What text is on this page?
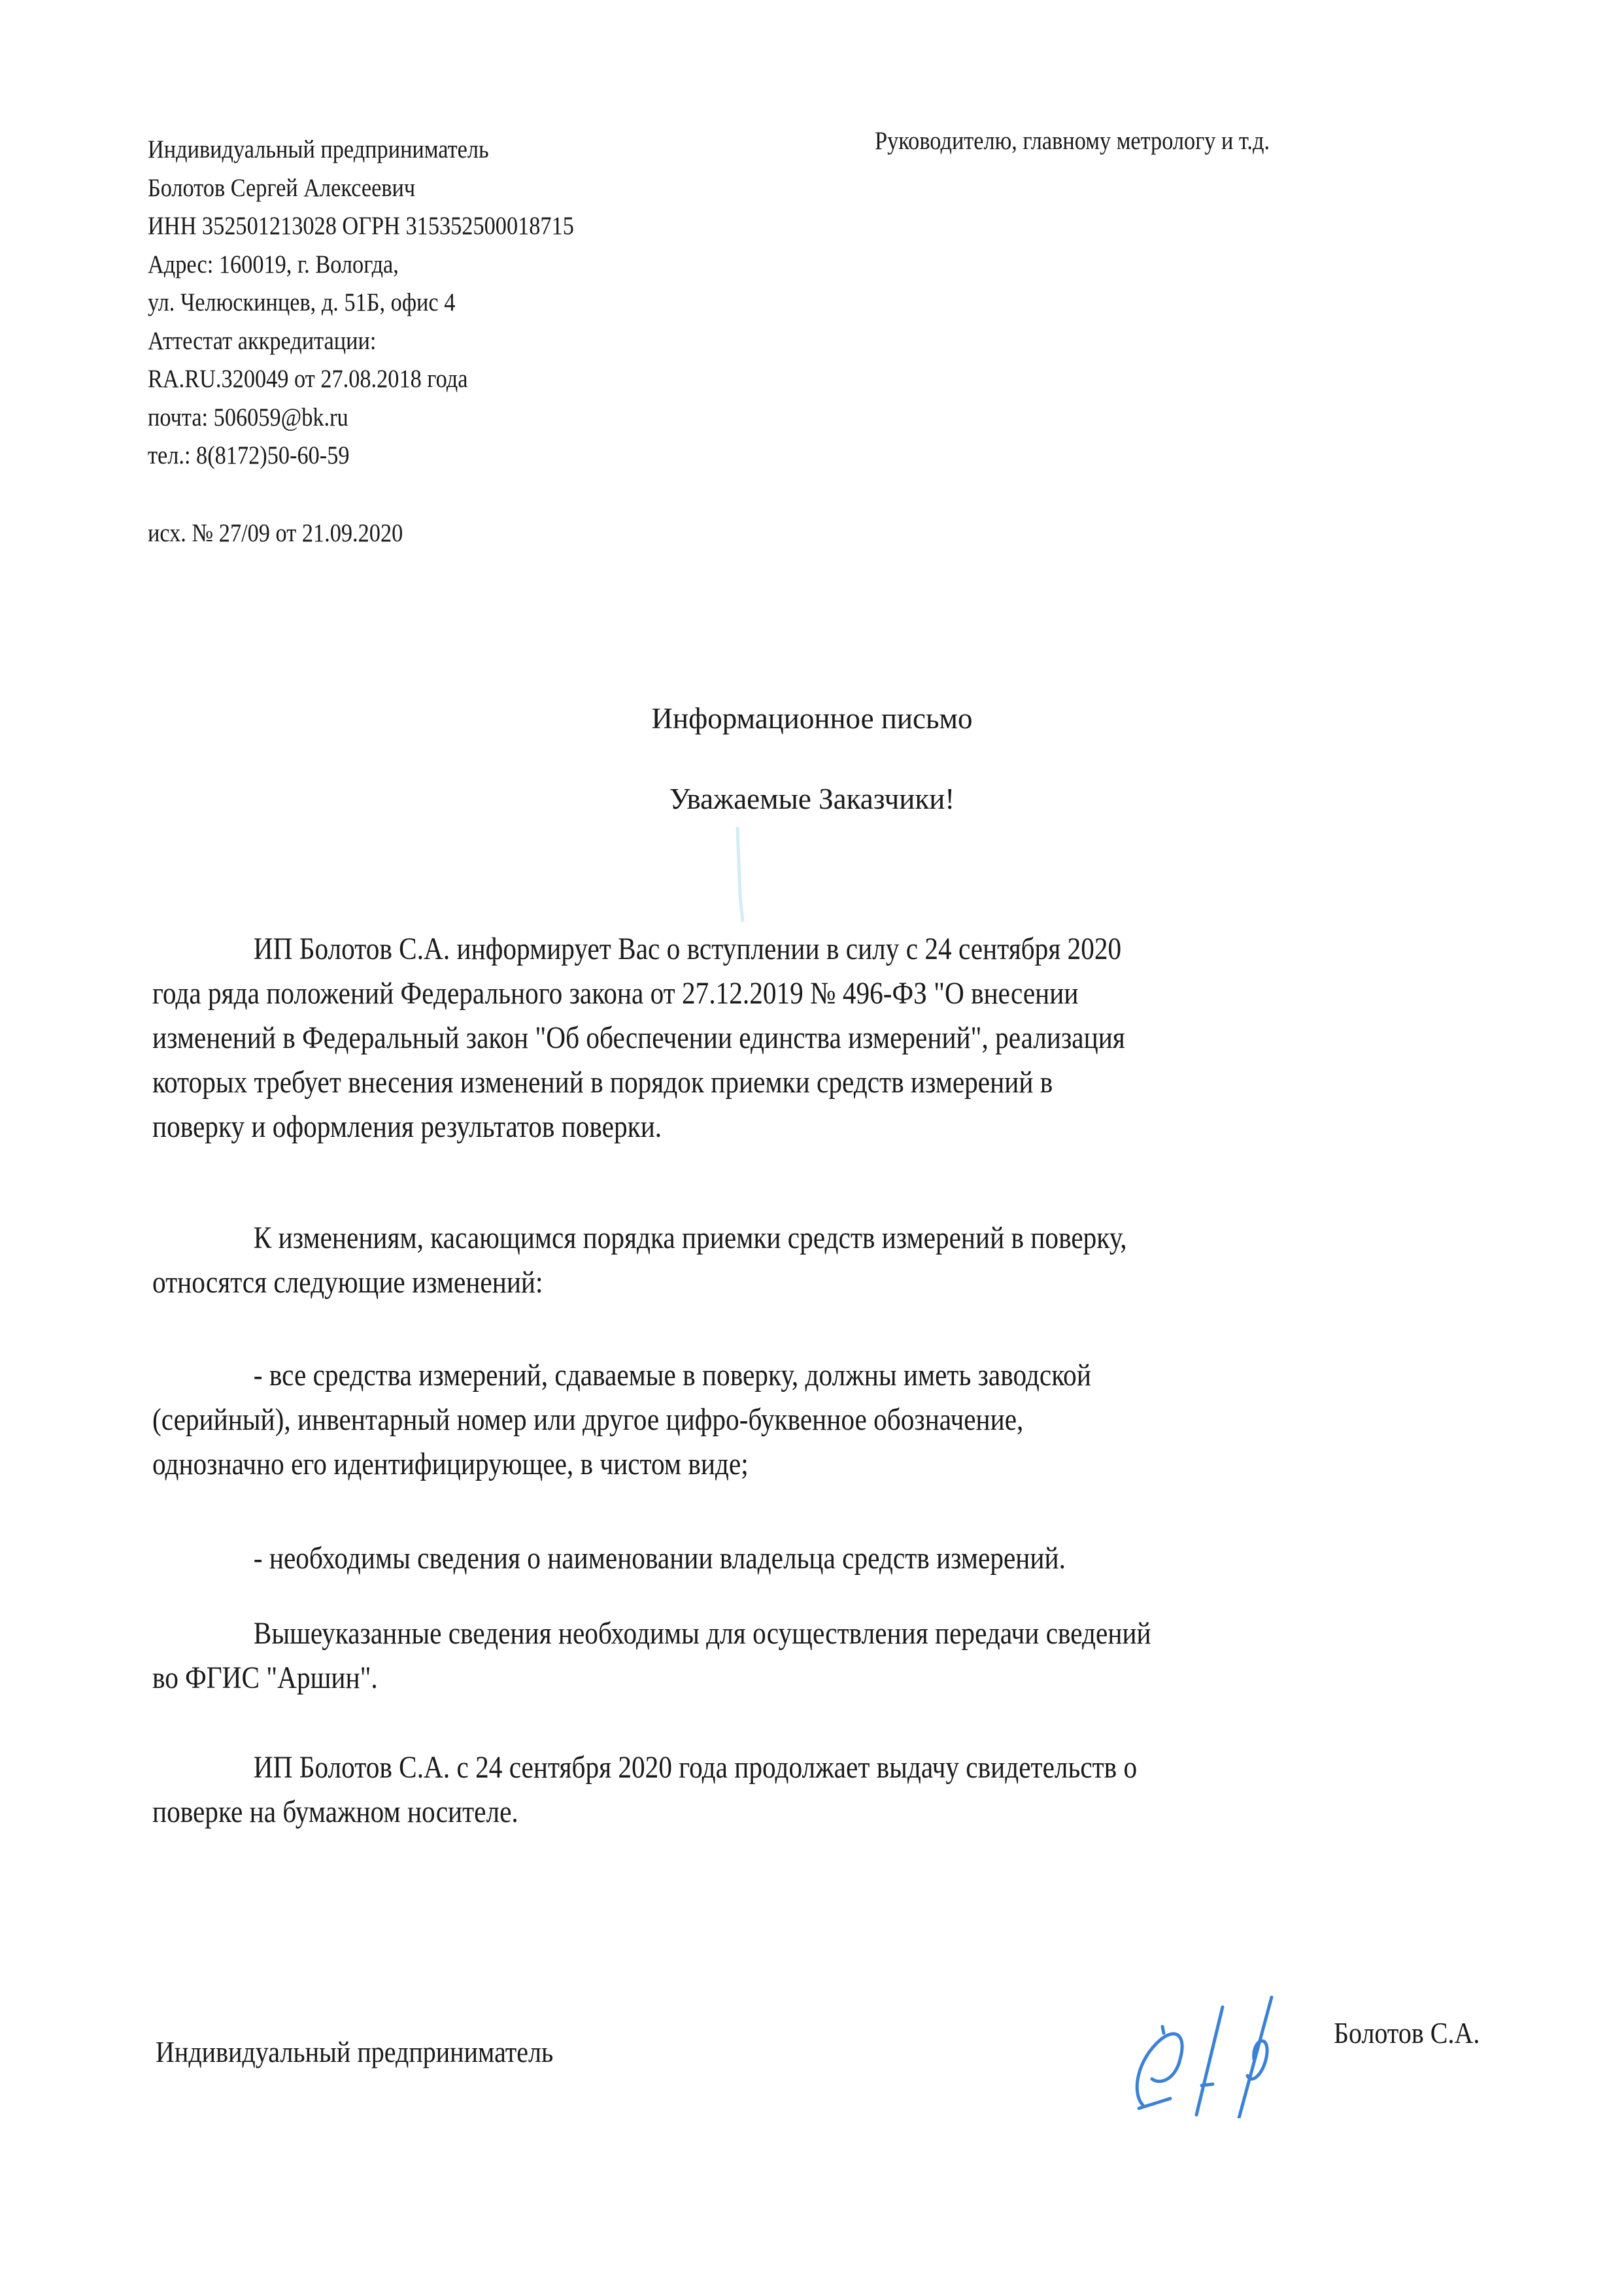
Индивидуальный предприниматель
Болотов Сергей Алексеевич
ИНН 352501213028 ОГРН 315352500018715
Адрес: 160019, г. Вологда,
ул. Челюскинцев, д. 51Б, офис 4
Аттестат аккредитации:
RA.RU.320049 от 27.08.2018 года
почта: 506059@bk.ru
тел.: 8(8172)50-60-59
исх. № 27/09 от 21.09.2020
Руководителю, главному метрологу и т.д.
Информационное письмо
Уважаемые Заказчики!
ИП Болотов С.А. информирует Вас о вступлении в силу с 24 сентября 2020
года ряда положений Федерального закона от 27.12.2019 № 496-ФЗ "О внесении
изменений в Федеральный закон "Об обеспечении единства измерений", реализация
которых требует внесения изменений в порядок приемки средств измерений в
поверку и оформления результатов поверки.
К изменениям, касающимся порядка приемки средств измерений в поверку,
относятся следующие изменений:
- все средства измерений, сдаваемые в поверку, должны иметь заводской
(серийный), инвентарный номер или другое цифро-буквенное обозначение,
однозначно его идентифицирующее, в чистом виде;
- необходимы сведения о наименовании владельца средств измерений.
Вышеуказанные сведения необходимы для осуществления передачи сведений
во ФГИС "Аршин".
ИП Болотов С.А. с 24 сентября 2020 года продолжает выдачу свидетельств о
поверке на бумажном носителе.
Индивидуальный предприниматель
Болотов С.А.
